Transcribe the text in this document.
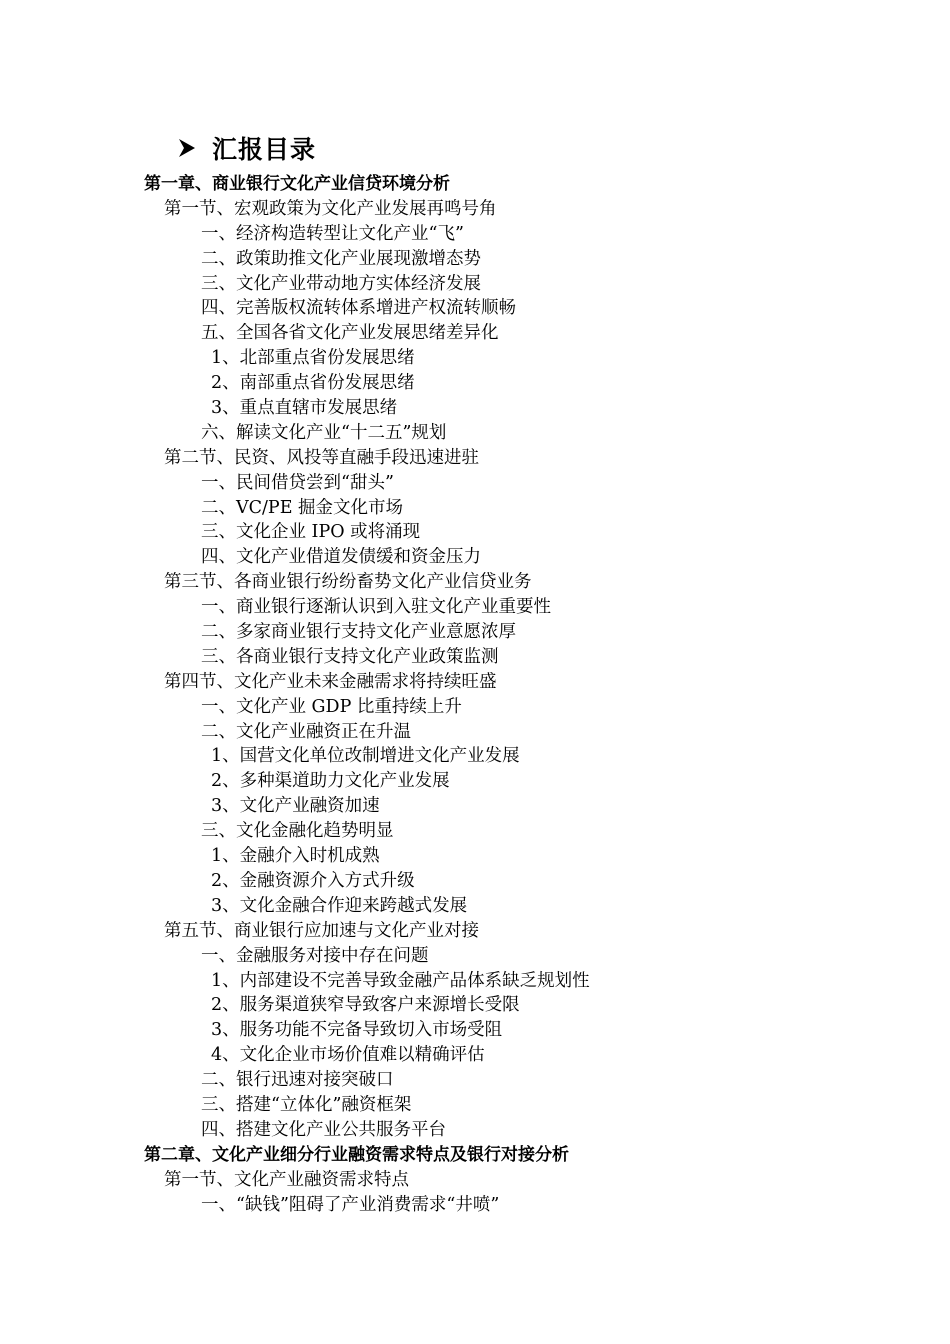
汇报目录
第一章、商业银行文化产业信贷环境分析
第一节、宏观政策为文化产业发展再鸣号角
一、经济构造转型让文化产业“飞”
二、政策助推文化产业展现激增态势
三、文化产业带动地方实体经济发展
四、完善版权流转体系增进产权流转顺畅
五、全国各省文化产业发展思绪差异化
1、北部重点省份发展思绪
2、南部重点省份发展思绪
3、重点直辖市发展思绪
六、解读文化产业“十二五”规划
第二节、民资、风投等直融手段迅速进驻
一、民间借贷尝到“甜头”
二、VC/PE 掘金文化市场
三、文化企业 IPO 或将涌现
四、文化产业借道发债缓和资金压力
第三节、各商业银行纷纷畜势文化产业信贷业务
一、商业银行逐渐认识到入驻文化产业重要性
二、多家商业银行支持文化产业意愿浓厚
三、各商业银行支持文化产业政策监测
第四节、文化产业未来金融需求将持续旺盛
一、文化产业 GDP 比重持续上升
二、文化产业融资正在升温
1、国营文化单位改制增进文化产业发展
2、多种渠道助力文化产业发展
3、文化产业融资加速
三、文化金融化趋势明显
1、金融介入时机成熟
2、金融资源介入方式升级
3、文化金融合作迎来跨越式发展
第五节、商业银行应加速与文化产业对接
一、金融服务对接中存在问题
1、内部建设不完善导致金融产品体系缺乏规划性
2、服务渠道狭窄导致客户来源增长受限
3、服务功能不完备导致切入市场受阻
4、文化企业市场价值难以精确评估
二、银行迅速对接突破口
三、搭建“立体化”融资框架
四、搭建文化产业公共服务平台
第二章、文化产业细分行业融资需求特点及银行对接分析
第一节、文化产业融资需求特点
一、“缺钱”阻碍了产业消费需求“井喷”
